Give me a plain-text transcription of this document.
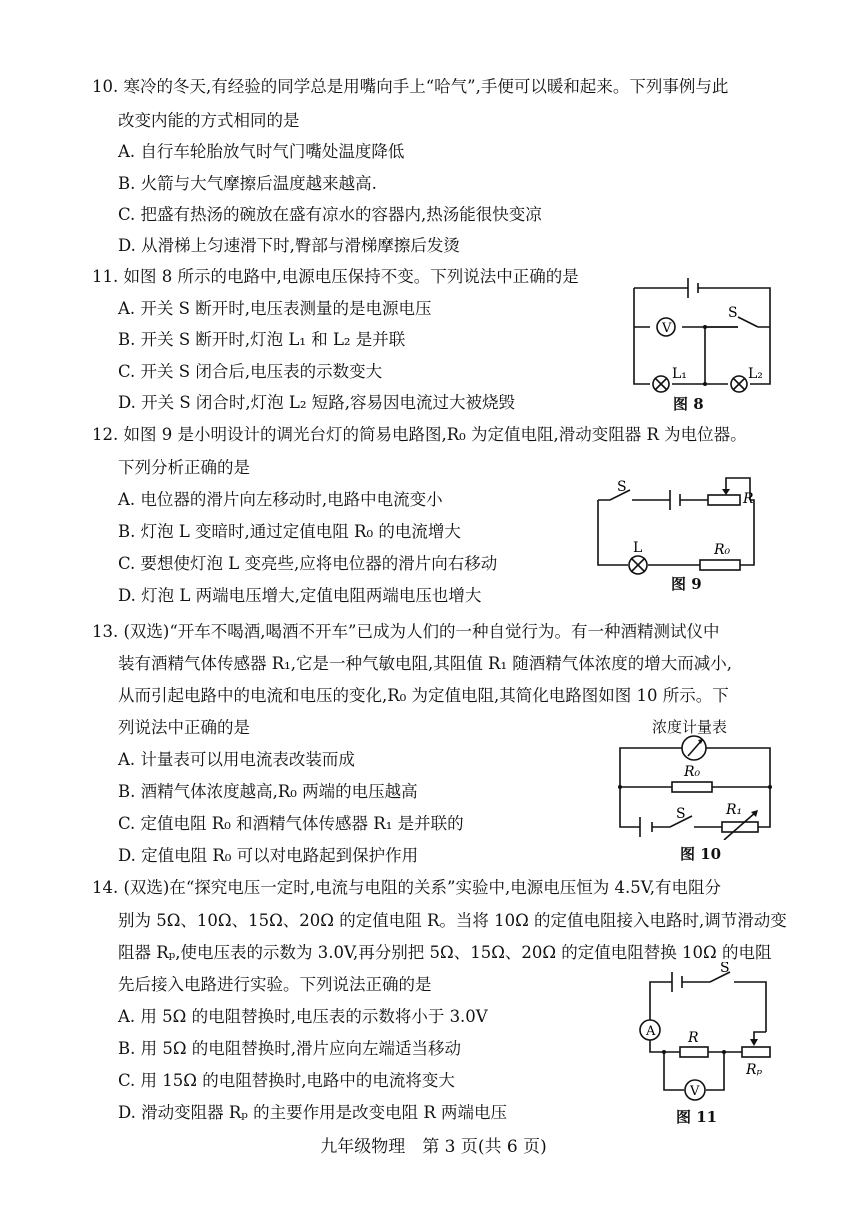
10. 寒冷的冬天,有经验的同学总是用嘴向手上“哈气”,手便可以暖和起来。下列事例与此
改变内能的方式相同的是
A. 自行车轮胎放气时气门嘴处温度降低
B. 火箭与大气摩擦后温度越来越高.
C. 把盛有热汤的碗放在盛有凉水的容器内,热汤能很快变凉
D. 从滑梯上匀速滑下时,臀部与滑梯摩擦后发烫
11. 如图 8 所示的电路中,电源电压保持不变。下列说法中正确的是
A. 开关 S 断开时,电压表测量的是电源电压
B. 开关 S 断开时,灯泡 L₁ 和 L₂ 是并联
C. 开关 S 闭合后,电压表的示数变大
D. 开关 S 闭合时,灯泡 L₂ 短路,容易因电流过大被烧毁
V
S
L₁	L₂
图 8
12. 如图 9 是小明设计的调光台灯的简易电路图,R₀ 为定值电阻,滑动变阻器 R 为电位器。
下列分析正确的是
A. 电位器的滑片向左移动时,电路中电流变小
B. 灯泡 L 变暗时,通过定值电阻 R₀ 的电流增大
C. 要想使灯泡 L 变亮些,应将电位器的滑片向右移动
D. 灯泡 L 两端电压增大,定值电阻两端电压也增大
S
R
L	R₀
图 9
13. (双选)“开车不喝酒,喝酒不开车”已成为人们的一种自觉行为。有一种酒精测试仪中
装有酒精气体传感器 R₁,它是一种气敏电阻,其阻值 R₁ 随酒精气体浓度的增大而减小,
从而引起电路中的电流和电压的变化,R₀ 为定值电阻,其简化电路图如图 10 所示。下
列说法中正确的是
A. 计量表可以用电流表改装而成
B. 酒精气体浓度越高,R₀ 两端的电压越高
C. 定值电阻 R₀ 和酒精气体传感器 R₁ 是并联的
D. 定值电阻 R₀ 可以对电路起到保护作用
浓度计量表
R₀
S	R₁
图 10
14. (双选)在“探究电压一定时,电流与电阻的关系”实验中,电源电压恒为 4.5V,有电阻分
别为 5Ω、10Ω、15Ω、20Ω 的定值电阻 R。当将 10Ω 的定值电阻接入电路时,调节滑动变
阻器 Rₚ,使电压表的示数为 3.0V,再分别把 5Ω、15Ω、20Ω 的定值电阻替换 10Ω 的电阻
先后接入电路进行实验。下列说法正确的是
A. 用 5Ω 的电阻替换时,电压表的示数将小于 3.0V
B. 用 5Ω 的电阻替换时,滑片应向左端适当移动
C. 用 15Ω 的电阻替换时,电路中的电流将变大
D. 滑动变阻器 Rₚ 的主要作用是改变电阻 R 两端电压
A
S
R
Rₚ
V
图 11
九年级物理　第 3 页(共 6 页)
